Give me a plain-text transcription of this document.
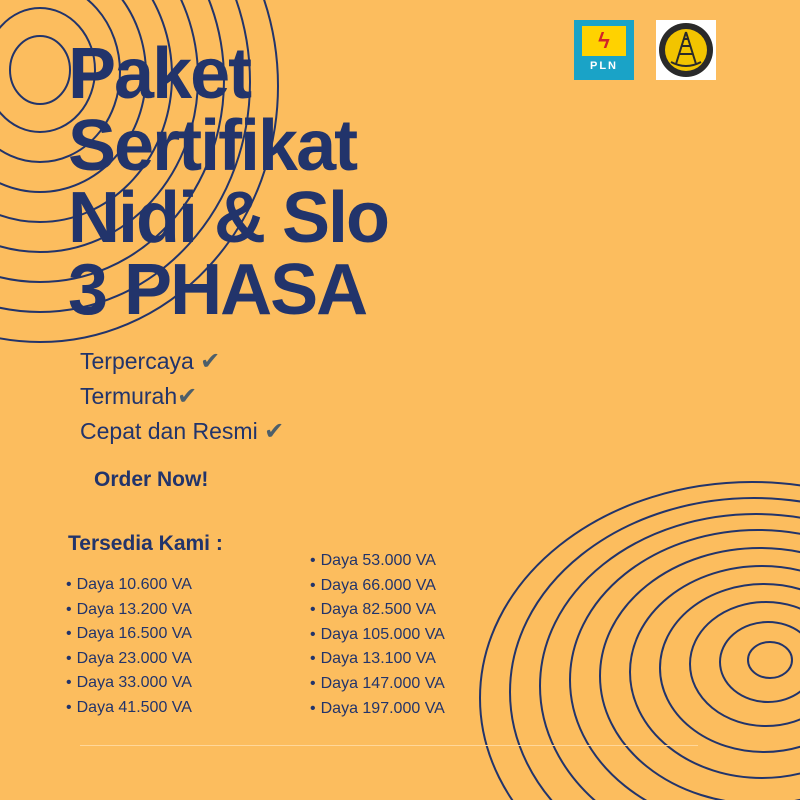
ϟ
PLN
Paket
Sertifikat
Nidi & Slo
3 PHASA
Terpercaya ✔
Termurah✔
Cepat dan Resmi ✔
Order Now!
Tersedia Kami :
• Daya 10.600 VA
• Daya 13.200 VA
• Daya 16.500 VA
• Daya 23.000 VA
• Daya 33.000 VA
• Daya 41.500 VA
• Daya 53.000 VA
• Daya 66.000 VA
• Daya 82.500 VA
• Daya 105.000 VA
• Daya 13.100 VA
• Daya 147.000 VA
• Daya 197.000 VA
